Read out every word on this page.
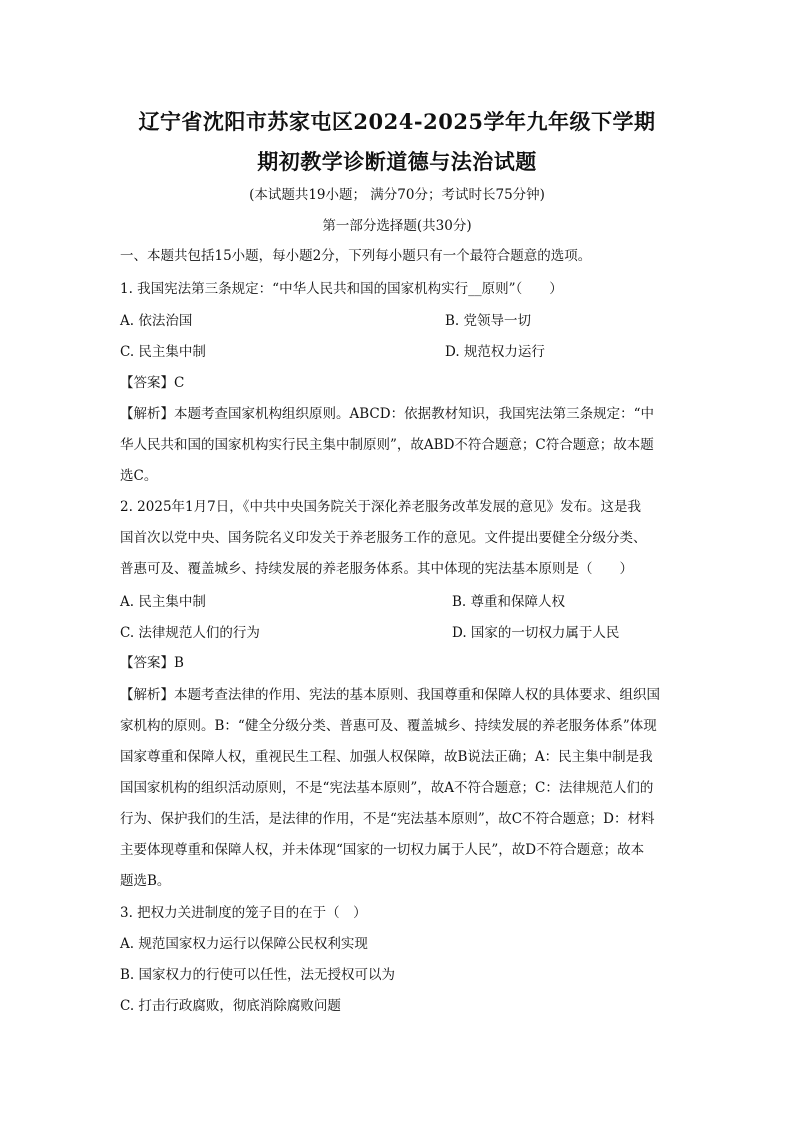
辽宁省沈阳市苏家屯区2024-2025学年九年级下学期
期初教学诊断道德与法治试题
(本试题共19小题； 满分70分；考试时长75分钟)
第一部分选择题(共30分)
一、本题共包括15小题，每小题2分，下列每小题只有一个最符合题意的选项。
1. 我国宪法第三条规定：“中华人民共和国的国家机构实行__原则”（　　）
A. 依法治国	B. 党领导一切
C. 民主集中制	D. 规范权力运行
【答案】C
【解析】本题考查国家机构组织原则。ABCD：依据教材知识，我国宪法第三条规定：“中
华人民共和国的国家机构实行民主集中制原则”，故ABD不符合题意；C符合题意；故本题
选C。
2. 2025年1月7日，《中共中央国务院关于深化养老服务改革发展的意见》发布。这是我
国首次以党中央、国务院名义印发关于养老服务工作的意见。文件提出要健全分级分类、
普惠可及、覆盖城乡、持续发展的养老服务体系。其中体现的宪法基本原则是（　　）
A. 民主集中制	B. 尊重和保障人权
C. 法律规范人们的行为	D. 国家的一切权力属于人民
【答案】B
【解析】本题考查法律的作用、宪法的基本原则、我国尊重和保障人权的具体要求、组织国
家机构的原则。B：“健全分级分类、普惠可及、覆盖城乡、持续发展的养老服务体系”体现
国家尊重和保障人权，重视民生工程、加强人权保障，故B说法正确；A：民主集中制是我
国国家机构的组织活动原则，不是“宪法基本原则”，故A不符合题意；C：法律规范人们的
行为、保护我们的生活，是法律的作用，不是“宪法基本原则”，故C不符合题意；D：材料
主要体现尊重和保障人权，并未体现“国家的一切权力属于人民”，故D不符合题意；故本
题选B。
3. 把权力关进制度的笼子目的在于（　）
A. 规范国家权力运行以保障公民权利实现
B. 国家权力的行使可以任性，法无授权可以为
C. 打击行政腐败，彻底消除腐败问题
